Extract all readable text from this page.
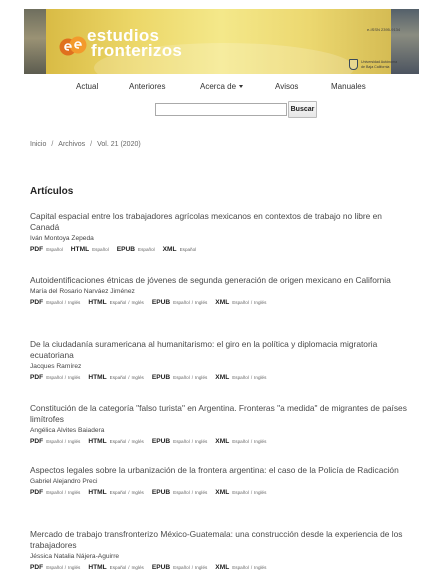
estudios
fronterizos
e-ISSN 2395-9134
Universidad Autónoma
de Baja California
Actual	Anteriores	Acerca de	Avisos	Manuales
Buscar
Inicio / Archivos / Vol. 21 (2020)
Artículos
Capital espacial entre los trabajadores agrícolas mexicanos en contextos de trabajo no libre en Canadá
Iván Montoya Zepeda
PDF Español HTML Español EPUB Español XML Español
Autoidentificaciones étnicas de jóvenes de segunda generación de origen mexicano en California
María del Rosario Narváez Jiménez
PDF Español / Inglés HTML Español / Inglés EPUB Español / Inglés XML Español / Inglés
De la ciudadanía suramericana al humanitarismo: el giro en la política y diplomacia migratoria ecuatoriana
Jacques Ramírez
PDF Español / Inglés HTML Español / Inglés EPUB Español / Inglés XML Español / Inglés
Constitución de la categoría "falso turista" en Argentina. Fronteras "a medida" de migrantes de países limítrofes
Angélica Alvites Baiadera
PDF Español / Inglés HTML Español / Inglés EPUB Español / Inglés XML Español / Inglés
Aspectos legales sobre la urbanización de la frontera argentina: el caso de la Policía de Radicación
Gabriel Alejandro Preci
PDF Español / Inglés HTML Español / Inglés EPUB Español / Inglés XML Español / Inglés
Mercado de trabajo transfronterizo México-Guatemala: una construcción desde la experiencia de los trabajadores
Jéssica Natalia Nájera-Aguirre
PDF Español / Inglés HTML Español / Inglés EPUB Español / Inglés XML Español / Inglés
